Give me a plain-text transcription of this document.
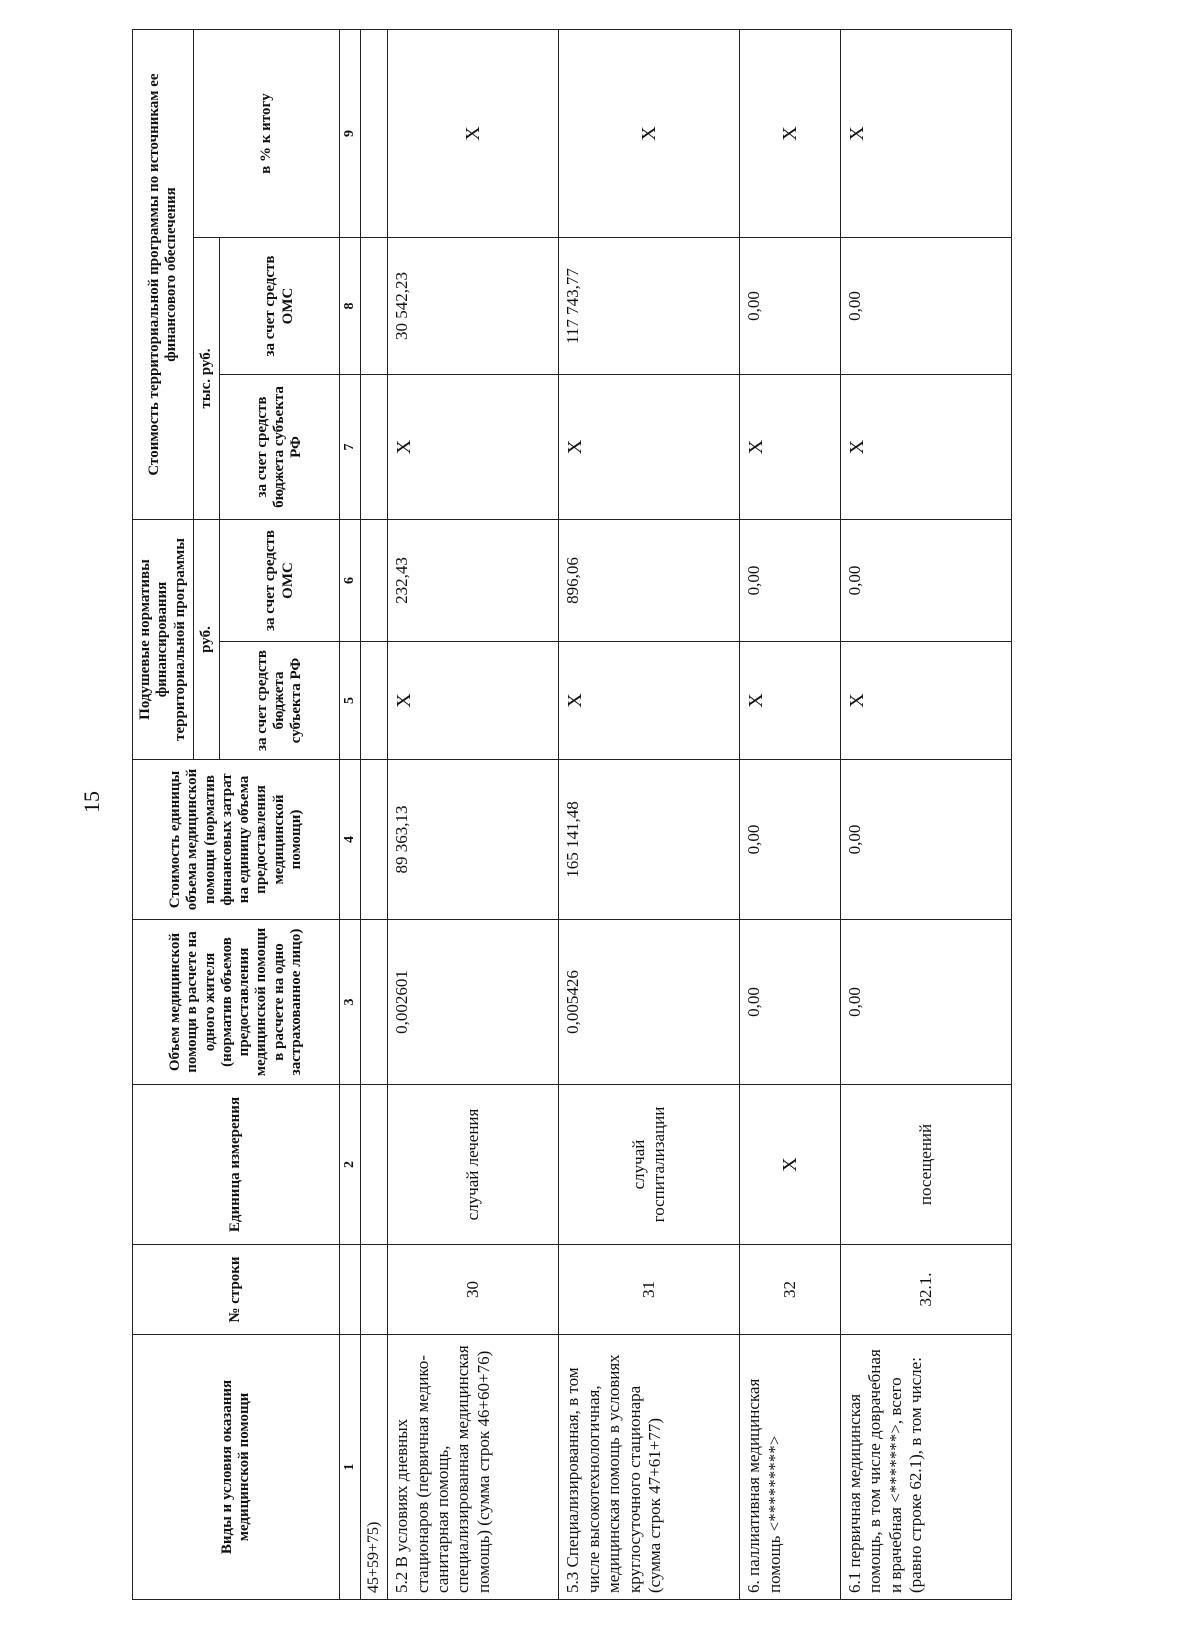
15
Виды и условия оказания медицинской помощи	№ строки	Единица измерения	Объем медицинской помощи в расчете на одного жителя (норматив объемов предоставления медицинской помощи в расчете на одно застрахованное лицо)	Стоимость единицы объема медицинской помощи (норматив финансовых затрат на единицу объема предоставления медицинской помощи)	Подушевые нормативы финансирования территориальной программы		Стоимость территориальной программы по источникам ее финансового обеспечения		
					руб.		тыс. руб.		в % к итогу
					за счет средств бюджета субъекта РФ	за счет средств ОМС	за счет средств бюджета субъекта РФ	за счет средств ОМС	
1		2	3	4	5	6	7	8	9
45+59+75)									
5.2 В условиях дневных стационаров (первичная медико-санитарная помощь, специализированная медицинская помощь) (сумма строк 46+60+76)	30	случай лечения	0,002601	89 363,13	X	232,43	X	30 542,23	X
5.3 Специализированная, в том числе высокотехнологичная, медицинская помощь в условиях круглосуточного стационара (сумма строк 47+61+77)	31	случай госпитализации	0,005426	165 141,48	X	896,06	X	117 743,77	X
6. паллиативная медицинская помощь <*********>	32	X	0,00	0,00	X	0,00	X	0,00	X
6.1 первичная медицинская помощь, в том числе доврачебная и врачебная <*******>, всего (равно строке 62.1), в том числе:	32.1.	посещений	0,00	0,00	X	0,00	X	0,00	X
